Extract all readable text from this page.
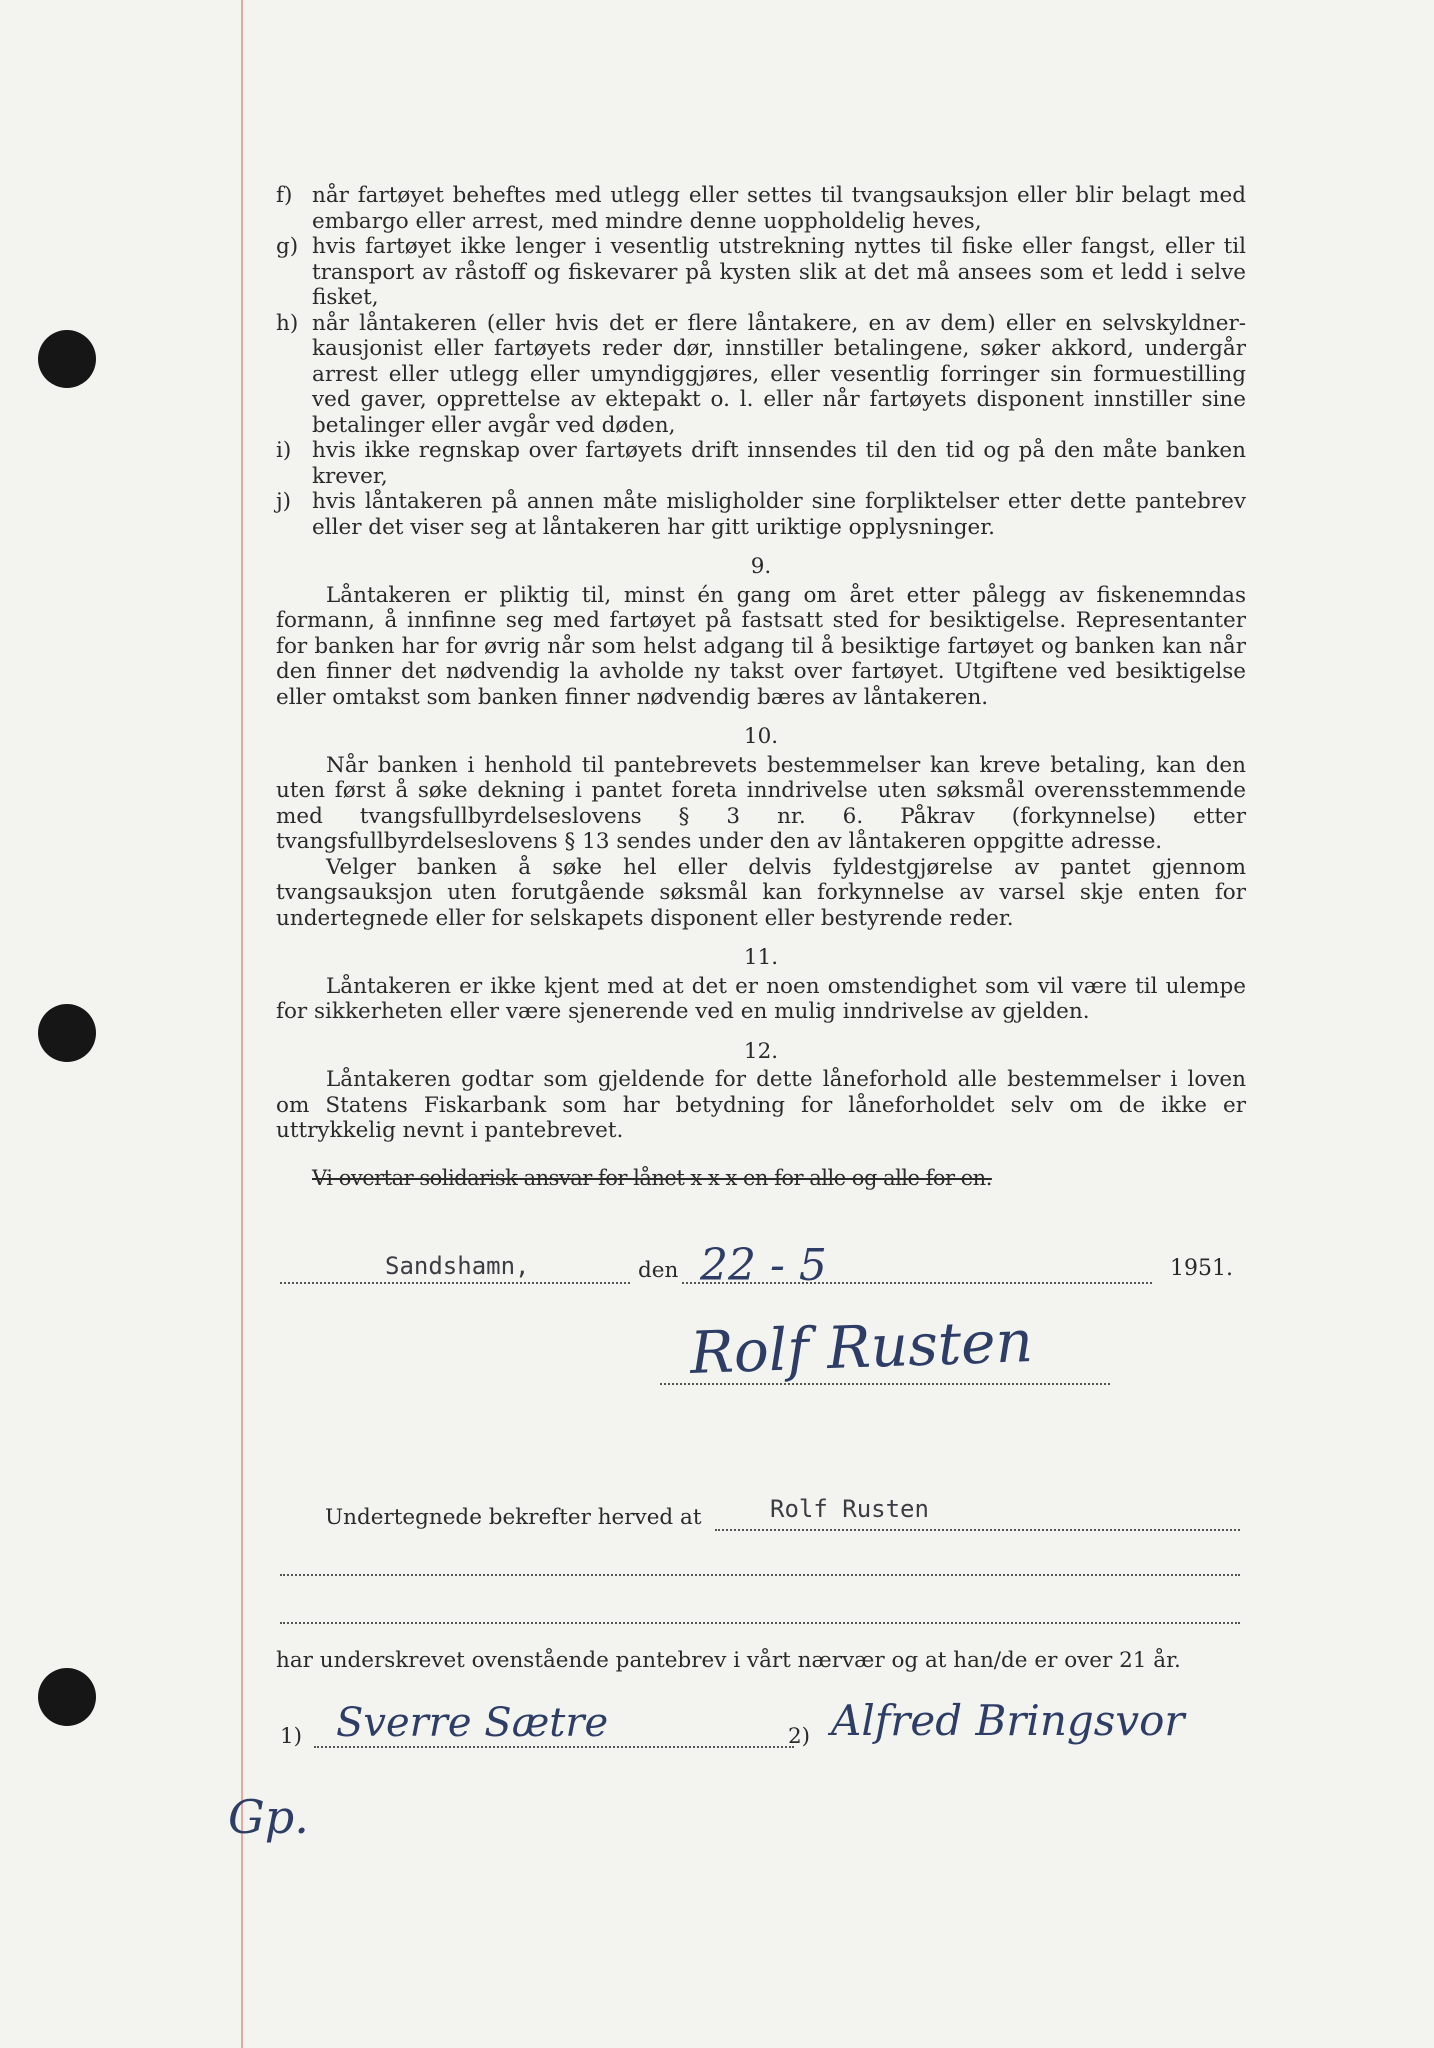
f) når fartøyet beheftes med utlegg eller settes til tvangsauksjon eller blir belagt med embargo eller arrest, med mindre denne uoppholdelig heves,
g) hvis fartøyet ikke lenger i vesentlig utstrekning nyttes til fiske eller fangst, eller til transport av råstoff og fiskevarer på kysten slik at det må ansees som et ledd i selve fisket,
h) når låntakeren (eller hvis det er flere låntakere, en av dem) eller en selvskyldner-kausjonist eller fartøyets reder dør, innstiller betalingene, søker akkord, undergår arrest eller utlegg eller umyndiggjøres, eller vesentlig forringer sin formuestilling ved gaver, opprettelse av ektepakt o. l. eller når fartøyets disponent innstiller sine betalinger eller avgår ved døden,
i) hvis ikke regnskap over fartøyets drift innsendes til den tid og på den måte banken krever,
j) hvis låntakeren på annen måte misligholder sine forpliktelser etter dette pantebrev eller det viser seg at låntakeren har gitt uriktige opplysninger.
9.
Låntakeren er pliktig til, minst én gang om året etter pålegg av fiskenemndas formann, å innfinne seg med fartøyet på fastsatt sted for besiktigelse. Representanter for banken har for øvrig når som helst adgang til å besiktige fartøyet og banken kan når den finner det nødvendig la avholde ny takst over fartøyet. Utgiftene ved besiktigelse eller omtakst som banken finner nødvendig bæres av låntakeren.
10.
Når banken i henhold til pantebrevets bestemmelser kan kreve betaling, kan den uten først å søke dekning i pantet foreta inndrivelse uten søksmål overensstemmende med tvangsfullbyrdelseslovens § 3 nr. 6. Påkrav (forkynnelse) etter tvangsfullbyrdelseslovens § 13 sendes under den av låntakeren oppgitte adresse.
Velger banken å søke hel eller delvis fyldestgjørelse av pantet gjennom tvangsauksjon uten forutgående søksmål kan forkynnelse av varsel skje enten for undertegnede eller for selskapets disponent eller bestyrende reder.
11.
Låntakeren er ikke kjent med at det er noen omstendighet som vil være til ulempe for sikkerheten eller være sjenerende ved en mulig inndrivelse av gjelden.
12.
Låntakeren godtar som gjeldende for dette låneforhold alle bestemmelser i loven om Statens Fiskarbank som har betydning for låneforholdet selv om de ikke er uttrykkelig nevnt i pantebrevet.
Vi overtar solidarisk ansvar for lånet x x x en for alle og alle for en.
Sandshamn,	den 22 - 5	1951.
Rolf Rusten
Undertegnede bekrefter herved at	Rolf Rusten
har underskrevet ovenstående pantebrev i vårt nærvær og at han/de er over 21 år.
1) Sverre Sætre	2) Alfred Bringsvor
Gp.
